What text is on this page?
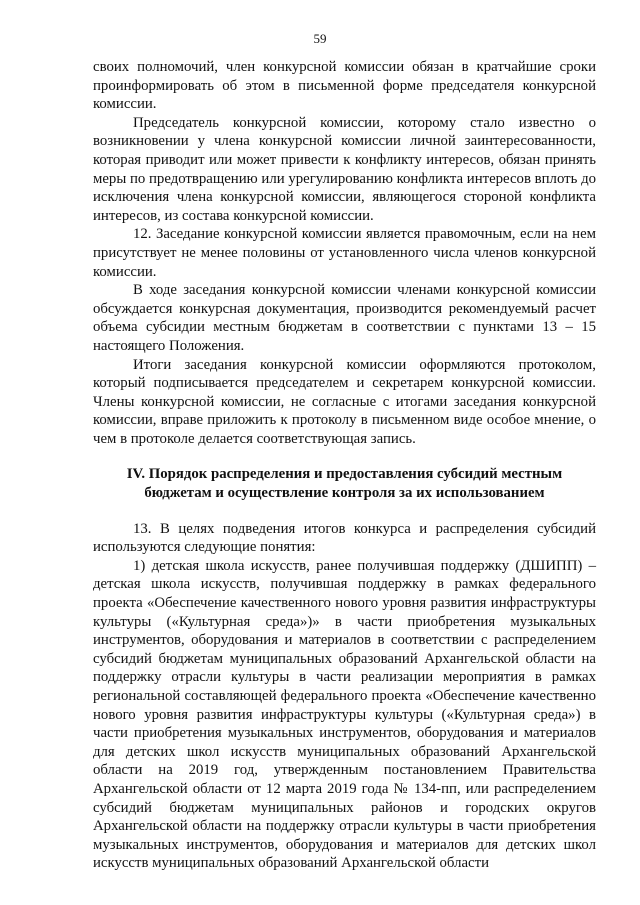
59

своих полномочий, член конкурсной комиссии обязан в кратчайшие сроки проинформировать об этом в письменной форме председателя конкурсной комиссии.

Председатель конкурсной комиссии, которому стало известно о возникновении у члена конкурсной комиссии личной заинтересованности, которая приводит или может привести к конфликту интересов, обязан принять меры по предотвращению или урегулированию конфликта интересов вплоть до исключения члена конкурсной комиссии, являющегося стороной конфликта интересов, из состава конкурсной комиссии.

12. Заседание конкурсной комиссии является правомочным, если на нем присутствует не менее половины от установленного числа членов конкурсной комиссии.

В ходе заседания конкурсной комиссии членами конкурсной комиссии обсуждается конкурсная документация, производится рекомендуемый расчет объема субсидии местным бюджетам в соответствии с пунктами 13 – 15 настоящего Положения.

Итоги заседания конкурсной комиссии оформляются протоколом, который подписывается председателем и секретарем конкурсной комиссии. Члены конкурсной комиссии, не согласные с итогами заседания конкурсной комиссии, вправе приложить к протоколу в письменном виде особое мнение, о чем в протоколе делается соответствующая запись.

IV. Порядок распределения и предоставления субсидий местным бюджетам и осуществление контроля за их использованием

13. В целях подведения итогов конкурса и распределения субсидий используются следующие понятия:

1) детская школа искусств, ранее получившая поддержку (ДШИПП) – детская школа искусств, получившая поддержку в рамках федерального проекта «Обеспечение качественного нового уровня развития инфраструктуры культуры («Культурная среда»)» в части приобретения музыкальных инструментов, оборудования и материалов в соответствии с распределением субсидий бюджетам муниципальных образований Архангельской области на поддержку отрасли культуры в части реализации мероприятия в рамках региональной составляющей федерального проекта «Обеспечение качественно нового уровня развития инфраструктуры культуры («Культурная среда») в части приобретения музыкальных инструментов, оборудования и материалов для детских школ искусств муниципальных образований Архангельской области на 2019 год, утвержденным постановлением Правительства Архангельской области от 12 марта 2019 года № 134-пп, или распределением субсидий бюджетам муниципальных районов и городских округов Архангельской области на поддержку отрасли культуры в части приобретения музыкальных инструментов, оборудования и материалов для детских школ искусств муниципальных образований Архангельской области
